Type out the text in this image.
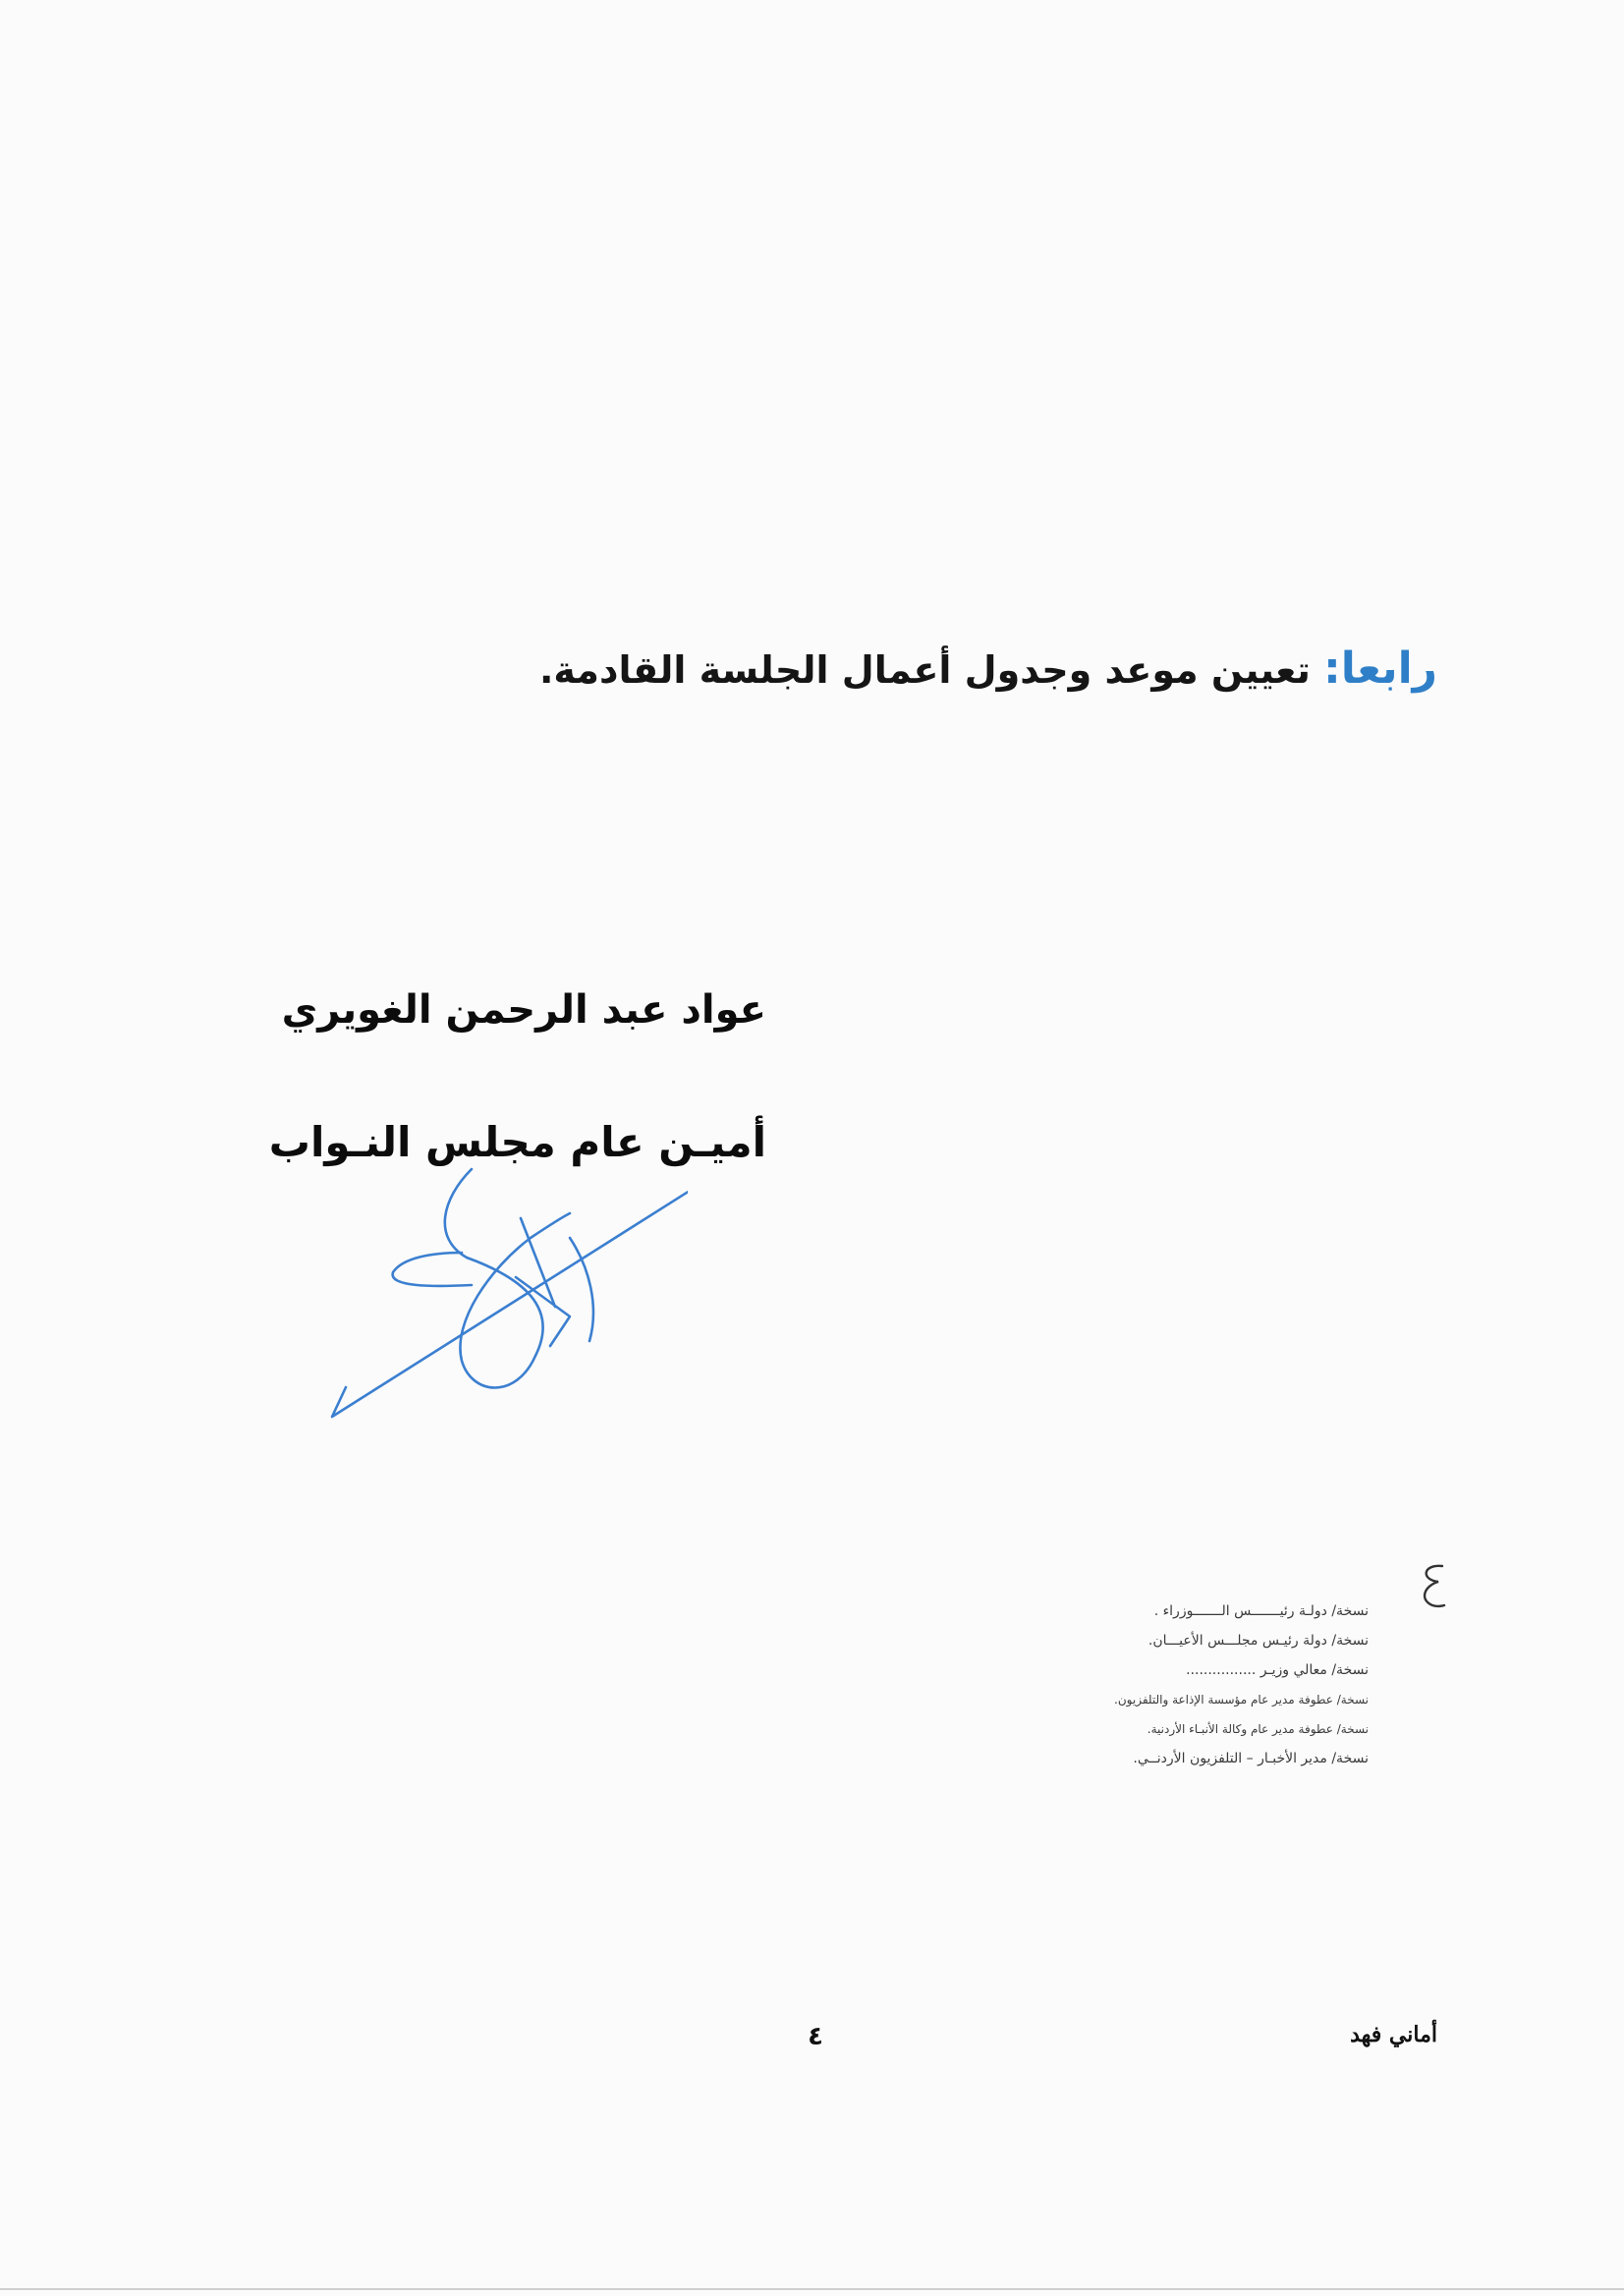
رابعا: تعيين موعد وجدول أعمال الجلسة القادمة.
عواد عبد الرحمن الغويري
أميـن عام مجلس النـواب
نسخة/ دولـة رئيـــــــس الـــــــوزراء .
نسخة/ دولة رئيـس مجلـــس الأعيـــان.
نسخة/ معالي وزيـر ................
نسخة/ عطوفة مدير عام مؤسسة الإذاعة والتلفزيون.
نسخة/ عطوفة مدير عام وكالة الأنبـاء الأردنية.
نسخة/ مدير الأخبـار – التلفزيون الأردنــي.
٤	أماني فهد
